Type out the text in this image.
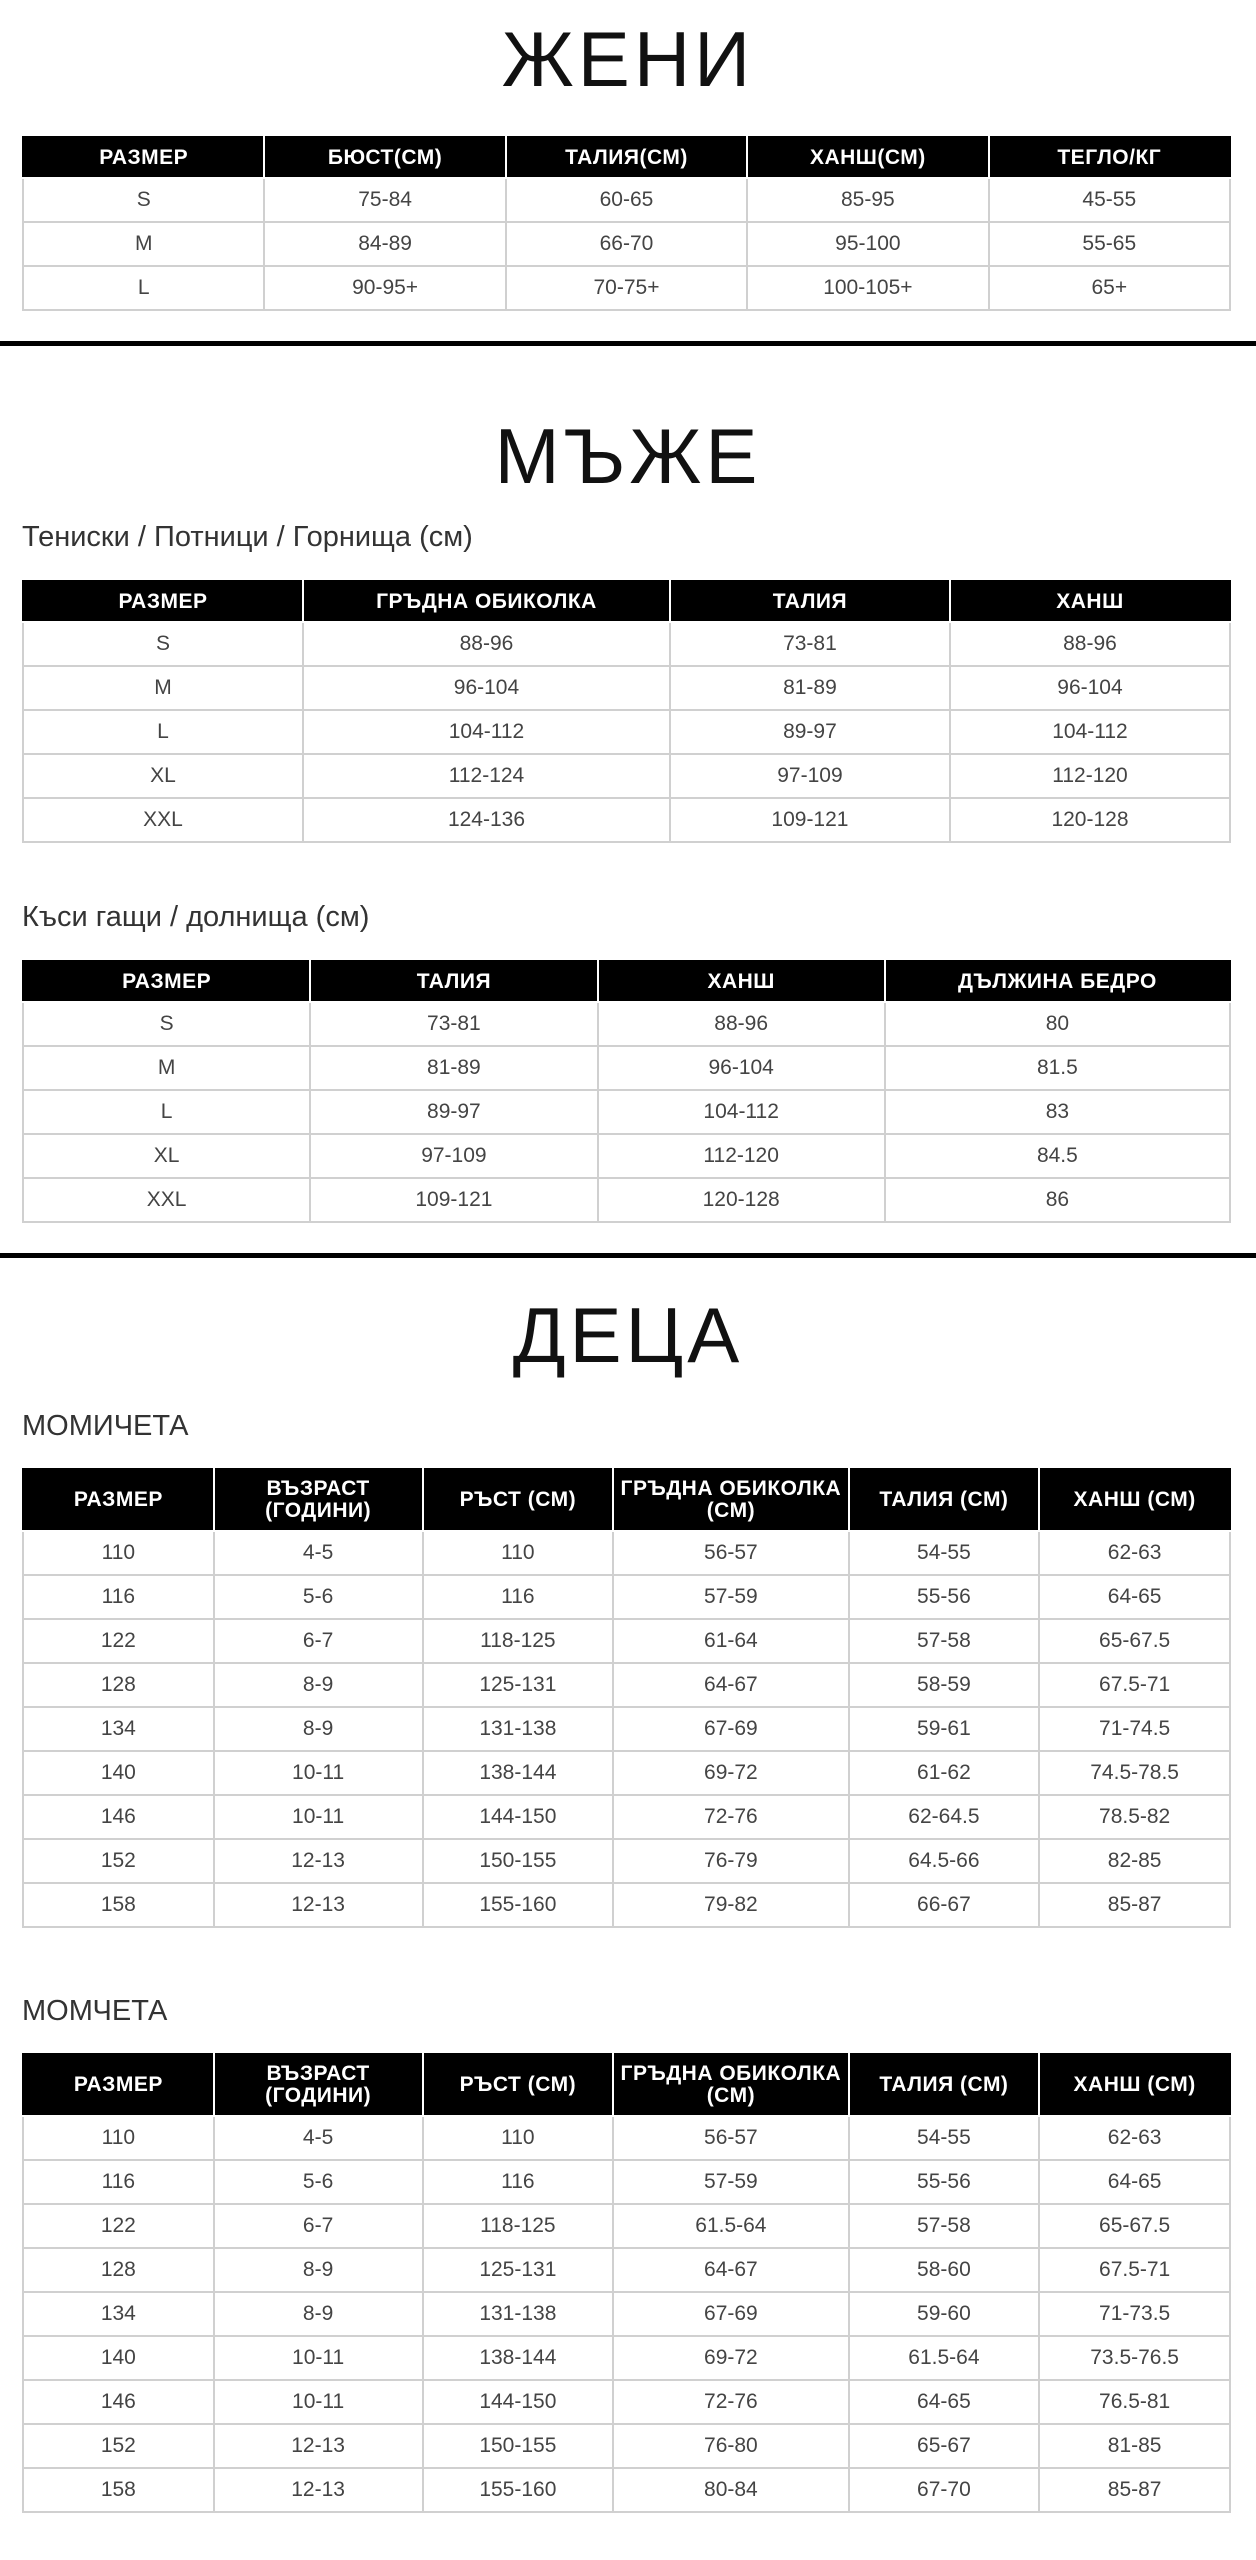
ЖЕНИ
РАЗМЕР	БЮСТ(СМ)	ТАЛИЯ(СМ)	ХАНШ(СМ)	ТЕГЛО/КГ
S	75-84	60-65	85-95	45-55
M	84-89	66-70	95-100	55-65
L	90-95+	70-75+	100-105+	65+
МЪЖЕ
Тениски / Потници / Горнища (см)
РАЗМЕР	ГРЪДНА ОБИКОЛКА	ТАЛИЯ	ХАНШ
S	88-96	73-81	88-96
M	96-104	81-89	96-104
L	104-112	89-97	104-112
XL	112-124	97-109	112-120
XXL	124-136	109-121	120-128
Къси гащи / долнища (см)
РАЗМЕР	ТАЛИЯ	ХАНШ	ДЪЛЖИНА БЕДРО
S	73-81	88-96	80
M	81-89	96-104	81.5
L	89-97	104-112	83
XL	97-109	112-120	84.5
XXL	109-121	120-128	86
ДЕЦА
МОМИЧЕТА
РАЗМЕР	ВЪЗРАСТ (ГОДИНИ)	РЪСТ (СМ)	ГРЪДНА ОБИКОЛКА (СМ)	ТАЛИЯ (СМ)	ХАНШ (СМ)
110	4-5	110	56-57	54-55	62-63
116	5-6	116	57-59	55-56	64-65
122	6-7	118-125	61-64	57-58	65-67.5
128	8-9	125-131	64-67	58-59	67.5-71
134	8-9	131-138	67-69	59-61	71-74.5
140	10-11	138-144	69-72	61-62	74.5-78.5
146	10-11	144-150	72-76	62-64.5	78.5-82
152	12-13	150-155	76-79	64.5-66	82-85
158	12-13	155-160	79-82	66-67	85-87
МОМЧЕТА
РАЗМЕР	ВЪЗРАСТ (ГОДИНИ)	РЪСТ (СМ)	ГРЪДНА ОБИКОЛКА (СМ)	ТАЛИЯ (СМ)	ХАНШ (СМ)
110	4-5	110	56-57	54-55	62-63
116	5-6	116	57-59	55-56	64-65
122	6-7	118-125	61.5-64	57-58	65-67.5
128	8-9	125-131	64-67	58-60	67.5-71
134	8-9	131-138	67-69	59-60	71-73.5
140	10-11	138-144	69-72	61.5-64	73.5-76.5
146	10-11	144-150	72-76	64-65	76.5-81
152	12-13	150-155	76-80	65-67	81-85
158	12-13	155-160	80-84	67-70	85-87
